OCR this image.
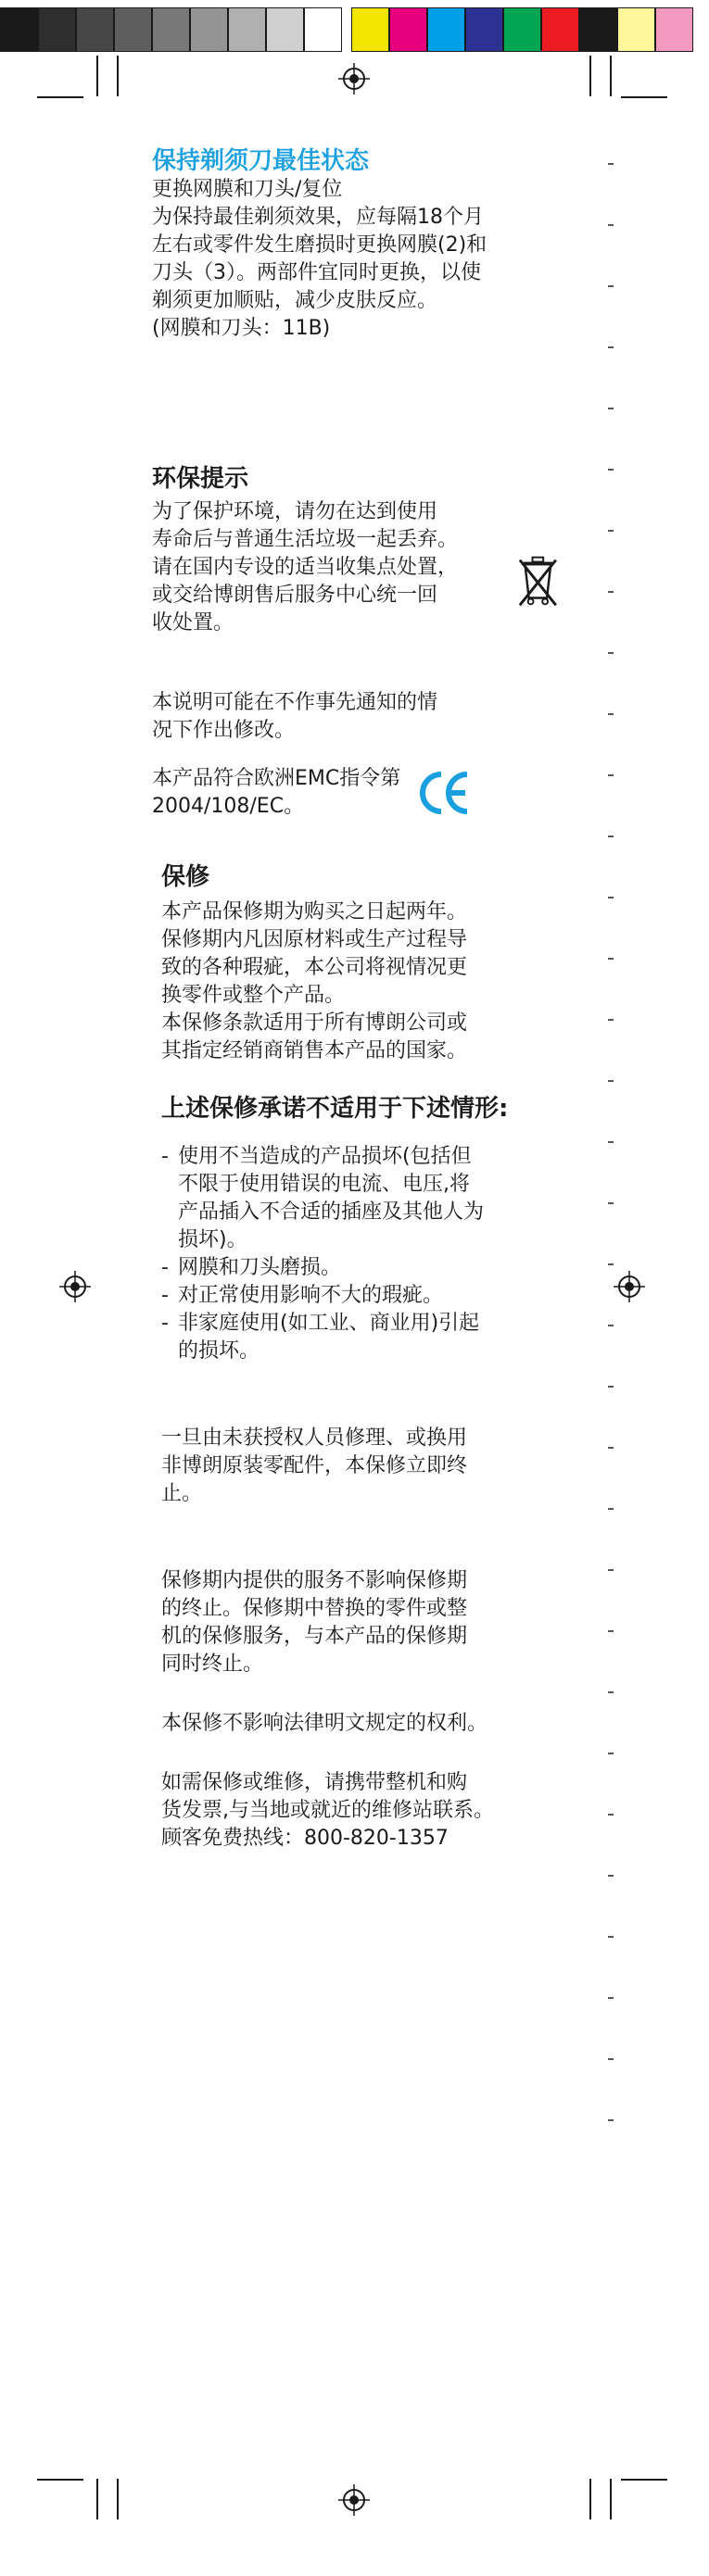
保持剃须刀最佳状态

更换网膜和刀头/复位

为保持最佳剃须效果，应每隔18个月
左右或零件发生磨损时更换网膜(2)和
刀头（3）。两部件宜同时更换，以使
剃须更加顺贴，减少皮肤反应。

(网膜和刀头：11B)

环保提示

为了保护环境，请勿在达到使用
寿命后与普通生活垃圾一起丢弃。
请在国内专设的适当收集点处置，
或交给博朗售后服务中心统一回
收处置。

本说明可能在不作事先通知的情
况下作出修改。

本产品符合欧洲EMC指令第
2004/108/EC。

保修

本产品保修期为购买之日起两年。
保修期内凡因原材料或生产过程导
致的各种瑕疵，本公司将视情况更
换零件或整个产品。
本保修条款适用于所有博朗公司或
其指定经销商销售本产品的国家。

上述保修承诺不适用于下述情形:
- 使用不当造成的产品损坏(包括但
不限于使用错误的电流、电压,将
产品插入不合适的插座及其他人为
损坏)。
- 网膜和刀头磨损。
- 对正常使用影响不大的瑕疵。
- 非家庭使用(如工业、商业用)引起
的损坏。

一旦由未获授权人员修理、或换用
非博朗原装零配件，本保修立即终
止。

保修期内提供的服务不影响保修期
的终止。保修期中替换的零件或整
机的保修服务，与本产品的保修期
同时终止。

本保修不影响法律明文规定的权利。

如需保修或维修，请携带整机和购
货发票,与当地或就近的维修站联系。
顾客免费热线：800-820-1357
